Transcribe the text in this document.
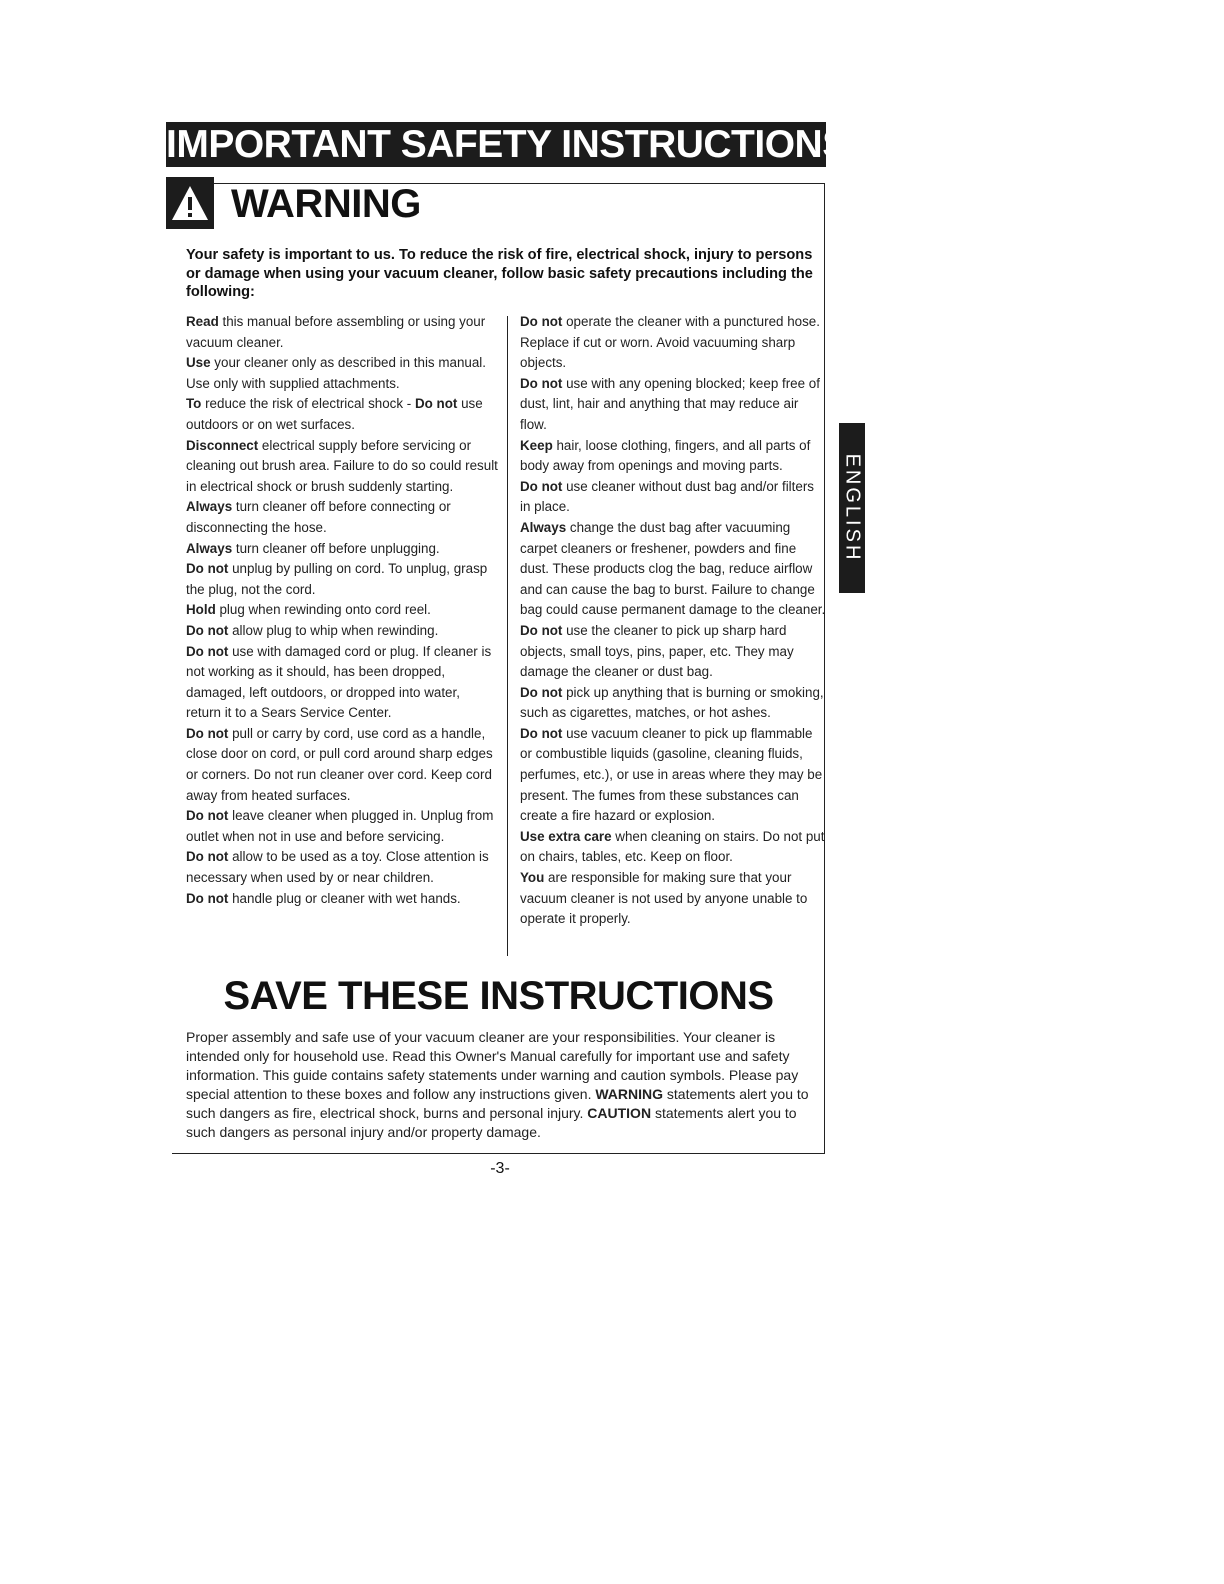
IMPORTANT SAFETY INSTRUCTIONS
WARNING
Your safety is important to us. To reduce the risk of fire, electrical shock, injury to persons or damage when using your vacuum cleaner, follow basic safety precautions including the following:

Read this manual before assembling or using your vacuum cleaner.

Use your cleaner only as described in this manual. Use only with supplied attachments.

To reduce the risk of electrical shock - Do not use outdoors or on wet surfaces.

Disconnect electrical supply before servicing or cleaning out brush area. Failure to do so could result in electrical shock or brush suddenly starting.

Always turn cleaner off before connecting or disconnecting the hose.

Always turn cleaner off before unplugging.

Do not unplug by pulling on cord. To unplug, grasp the plug, not the cord.

Hold plug when rewinding onto cord reel.

Do not allow plug to whip when rewinding.

Do not use with damaged cord or plug. If cleaner is not working as it should, has been dropped, damaged, left outdoors, or dropped into water, return it to a Sears Service Center.

Do not pull or carry by cord, use cord as a handle, close door on cord, or pull cord around sharp edges or corners. Do not run cleaner over cord. Keep cord away from heated surfaces.

Do not leave cleaner when plugged in. Unplug from outlet when not in use and before servicing.

Do not allow to be used as a toy. Close attention is necessary when used by or near children.

Do not handle plug or cleaner with wet hands.

Do not operate the cleaner with a punctured hose. Replace if cut or worn. Avoid vacuuming sharp objects.

Do not use with any opening blocked; keep free of dust, lint, hair and anything that may reduce air flow.

Keep hair, loose clothing, fingers, and all parts of body away from openings and moving parts.

Do not use cleaner without dust bag and/or filters in place.

Always change the dust bag after vacuuming carpet cleaners or freshener, powders and fine dust. These products clog the bag, reduce airflow and can cause the bag to burst. Failure to change bag could cause permanent damage to the cleaner.

Do not use the cleaner to pick up sharp hard objects, small toys, pins, paper, etc. They may damage the cleaner or dust bag.

Do not pick up anything that is burning or smoking, such as cigarettes, matches, or hot ashes.

Do not use vacuum cleaner to pick up flammable or combustible liquids (gasoline, cleaning fluids, perfumes, etc.), or use in areas where they may be present. The fumes from these substances can create a fire hazard or explosion.

Use extra care when cleaning on stairs. Do not put on chairs, tables, etc. Keep on floor.

You are responsible for making sure that your vacuum cleaner is not used by anyone unable to operate it properly.

SAVE THESE INSTRUCTIONS
Proper assembly and safe use of your vacuum cleaner are your responsibilities. Your cleaner is intended only for household use. Read this Owner's Manual carefully for important use and safety information. This guide contains safety statements under warning and caution symbols. Please pay special attention to these boxes and follow any instructions given. WARNING statements alert you to such dangers as fire, electrical shock, burns and personal injury. CAUTION statements alert you to such dangers as personal injury and/or property damage.
-3-
ENGLISH
